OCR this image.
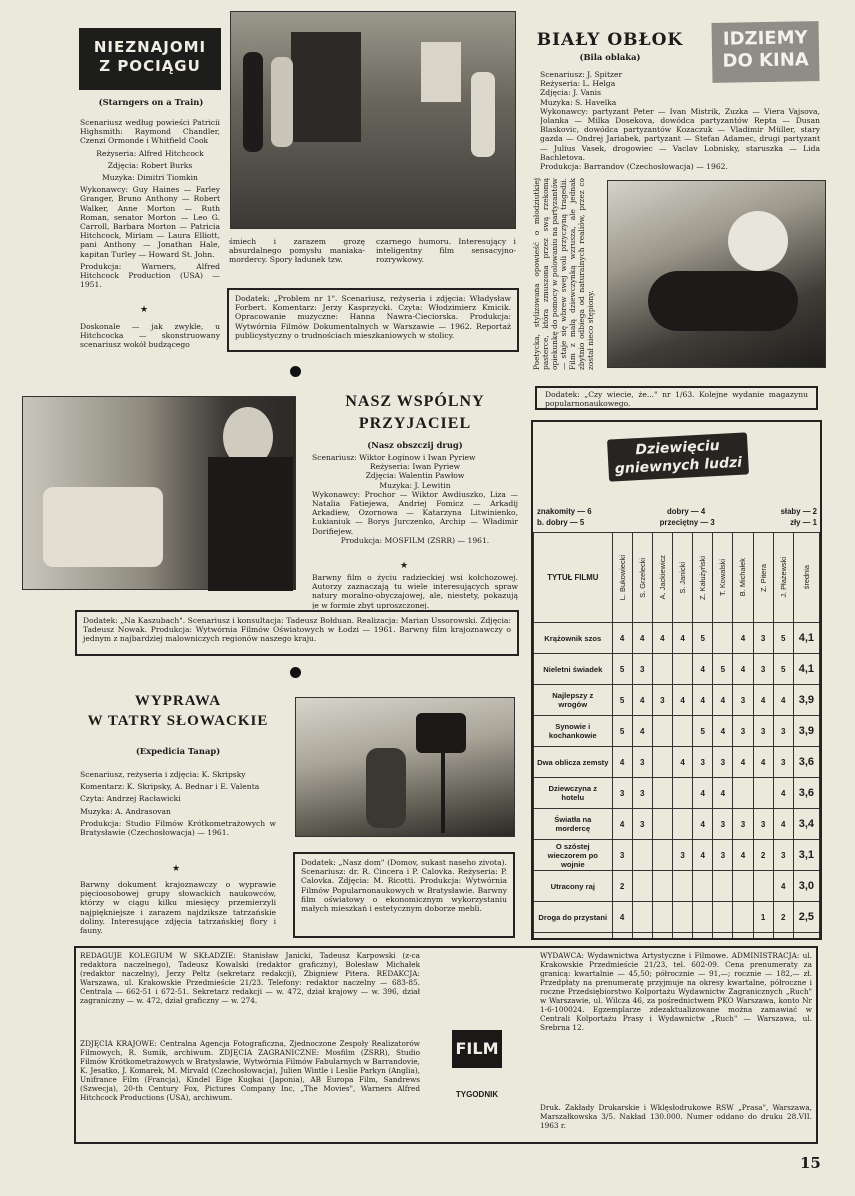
NIEZNAJOMI
Z POCIĄGU
(Starngers on a Train)

Scenariusz według powieści Patricii Highsmith: Raymond Chandler, Czenzi Ormonde i Whitfield Cook

Reżyseria: Alfred Hitchcock

Zdjęcia: Robert Burks

Muzyka: Dimitri Tiomkin

Wykonawcy: Guy Haines — Farley Granger, Bruno Anthony — Robert Walker, Anne Morton — Ruth Roman, senator Morton — Leo G. Carroll, Barbara Morton — Patricia Hitchcock, Miriam — Laura Elliott, pani Anthony — Jonathan Hale, kapitan Turley — Howard St. John.

Produkcja: Warners, Alfred Hitchcock Production (USA) — 1951.

★
Doskonale — jak zwykle, u Hitchcocka — skonstruowany scenariusz wokół budzącego
śmiech i zarazem grozę absurdalnego pomysłu maniaka-mordercy. Spory ładunek tzw.
czarnego humoru. Interesujący i inteligentny film sensacyjno-rozrywkowy.
Dodatek: „Problem nr 1". Scenariusz, reżyseria i zdjęcia: Władysław Forbert. Komentarz: Jerzy Kasprzycki. Czyta: Włodzimierz Kmicik. Opracowanie muzyczne: Hanna Nawra-Cieciorska. Produkcja: Wytwórnia Filmów Dokumentalnych w Warszawie — 1962. Reportaż publicystyczny o trudnościach mieszkaniowych w stolicy.
BIAŁY OBŁOK
(Bila oblaka)
IDZIEMY
DO KINA

Scenariusz: J. Spitzer

Reżyseria: L. Helga

Zdjęcia: J. Vanis

Muzyka: S. Havelka

Wykonawcy: partyzant Peter — Ivan Mistrik, Zuzka — Viera Vajsova, Jolanka — Milka Dosekova, dowódca partyzantów Repta — Dusan Blaskovic, dowódca partyzantów Kozaczuk — Vladimir Müller, stary gazda — Ondrej Jariabek, partyzant — Stefan Adamec, drugi partyzant — Julius Vasek, drogowiec — Vaclav Lobnisky, staruszka — Lida Bachletova.

Produkcja: Barrandov (Czechosłowacja) — 1962.

Poetycka, stylizowana opowieść o młodziutkiej pasterce, która zmuszona przez swą rzekomą opiekunkę do pomocy w polowaniu na partyzantów — staje się wbrew swej woli przyczyną tragedii. Film z małą dziewczynką wzrusza, ale jednak zbytnio odbiega od naturalnych realiów, przez co został nieco stępiony.
Dodatek: „Czy wiecie, że..." nr 1/63. Kolejne wydanie magazynu popularnonaukowego.
NASZ WSPÓLNY
PRZYJACIEL
(Nasz obszczij drug)

Scenariusz: Wiktor Łoginow i Iwan Pyriew

Reżyseria: Iwan Pyriew

Zdjęcia: Walentin Pawłow

Muzyka: J. Lewitin

Wykonawcy: Prochor — Wiktor Awdiuszko, Liza — Natalia Fatiejewa, Andriej Fomicz — Arkadij Arkadiew, Ozornowa — Katarzyna Litwinienko, Łukianiuk — Borys Jurczenko, Archip — Władimir Dorifiejew.

Produkcja: MOSFILM (ZSRR) — 1961.

★
Barwny film o życiu radzieckiej wsi kołchozowej. Autorzy zaznaczają tu wiele interesujących spraw natury moralno-obyczajowej, ale, niestety, pokazują je w formie zbyt uproszczonej.
Dodatek: „Na Kaszubach". Scenariusz i konsultacja: Tadeusz Bołduan. Realizacja: Marian Ussorowski. Zdjęcia: Tadeusz Nowak. Produkcja: Wytwórnia Filmów Oświatowych w Łodzi — 1961. Barwny film krajoznawczy o jednym z najbardziej malowniczych regionów naszego kraju.
WYPRAWA
W TATRY SŁOWACKIE
(Expedicia Tanap)

Scenariusz, reżyseria i zdjęcia: K. Skripsky

Komentarz: K. Skripsky, A. Bednar i E. Valenta

Czyta: Andrzej Racławicki

Muzyka: A. Andrasovan

Produkcja: Studio Filmów Krótkometrażowych w Bratysławie (Czechosłowacja) — 1961.

★
Barwny dokument krajoznawczy o wyprawie pięcioosobowej grupy słowackich naukowców, którzy w ciągu kilku miesięcy przemierzyli najpiękniejsze i zarazem najdziksze tatrzańskie doliny. Interesujące zdjęcia tatrzańskiej flory i fauny.
Dodatek: „Nasz dom" (Domov, sukast naseho zivota). Scenariusz: dr. R. Cincera i P. Calovka. Reżyseria: P. Calovka. Zdjęcia: M. Ricotti. Produkcja: Wytwórnia Filmów Popularnonaukowych w Bratysławie. Barwny film oświatowy o ekonomicznym wykorzystaniu małych mieszkań i estetycznym doborze mebli.
Dziewięciu
gniewnych ludzi
znakomity — 6	dobry — 4	słaby — 2
b. dobry — 5	przeciętny — 3	zły — 1
TYTUŁ FILMU	L. Bukowiecki	S. Grzelecki	A. Jackiewicz	S. Janicki	Z. Kałużyński	T. Kowalski	B. Michałek	Z. Pitera	J. Płażewski	średnia

Krążownik szos	4	4	4	4	5		4	3	5	4,1
Nieletni świadek	5	3			4	5	4	3	5	4,1
Najlepszy z wrogów	5	4	3	4	4	4	3	4	4	3,9
Synowie i kochankowie	5	4			5	4	3	3	3	3,9
Dwa oblicza zemsty	4	3		4	3	3	4	4	3	3,6
Dziewczyna z hotelu	3	3			4	4			4	3,6
Światła na mordercę	4	3			4	3	3	3	4	3,4
O szóstej wieczorem po wojnie	3			3	4	3	4	2	3	3,1
Utracony raj	2								4	3,0
Droga do przystani	4							1	2	2,5

REDAGUJE KOLEGIUM W SKŁADZIE: Stanisław Janicki, Tadeusz Karpowski (z-ca redaktora naczelnego), Tadeusz Kowalski (redaktor graficzny), Bolesław Michałek (redaktor naczelny), Jerzy Peltz (sekretarz redakcji), Zbigniew Pitera. REDAKCJA: Warszawa, ul. Krakowskie Przedmieście 21/23. Telefony: redaktor naczelny — 683-85. Centrala — 662-51 i 672-51. Sekretarz redakcji — w. 472, dział krajowy — w. 396, dział zagraniczny — w. 472, dział graficzny — w. 274.
ZDJĘCIA KRAJOWE: Centralna Agencja Fotograficzna, Zjednoczone Zespoły Realizatorów Filmowych, R. Sumik, archiwum. ZDJĘCIA ZAGRANICZNE: Mosfilm (ZSRR), Studio Filmów Krótkometrażowych w Bratysławie, Wytwórnia Filmów Fabularnych w Barrandovie, K. Jesatko, J. Komarek, M. Mirvald (Czechosłowacja), Julien Wintle i Leslie Parkyn (Anglia), Unifrance Film (Francja), Kindel Eige Kugkai (Japonia), AB Europa Film, Sandrews (Szwecja), 20-th Century Fox, Pictures Company Inc, „The Movies", Warners Alfred Hitchcock Productions (USA), archiwum.
FILM
TYGODNIK
WYDAWCA: Wydawnictwa Artystyczne i Filmowe. ADMINISTRACJA: ul. Krakowskie Przedmieście 21/23, tel. 602-09. Cena prenumeraty za granicą: kwartalnie — 45,50; półrocznie — 91,—; rocznie — 182,— zł. Przedpłaty na prenumeratę przyjmuje na okresy kwartalne, półroczne i roczne Przedsiębiorstwo Kolportażu Wydawnictw Zagranicznych „Ruch" w Warszawie, ul. Wilcza 46, za pośrednictwem PKO Warszawa, konto Nr 1-6-100024. Egzemplarze zdezaktualizowane można zamawiać w Centrali Kolportażu Prasy i Wydawnictw „Ruch" — Warszawa, ul. Srebrna 12.
Druk. Zakłady Drukarskie i Wklęsłodrukowe RSW „Prasa", Warszawa, Marszałkowska 3/5. Nakład 130.000. Numer oddano do druku 28.VII. 1963 r.
15
